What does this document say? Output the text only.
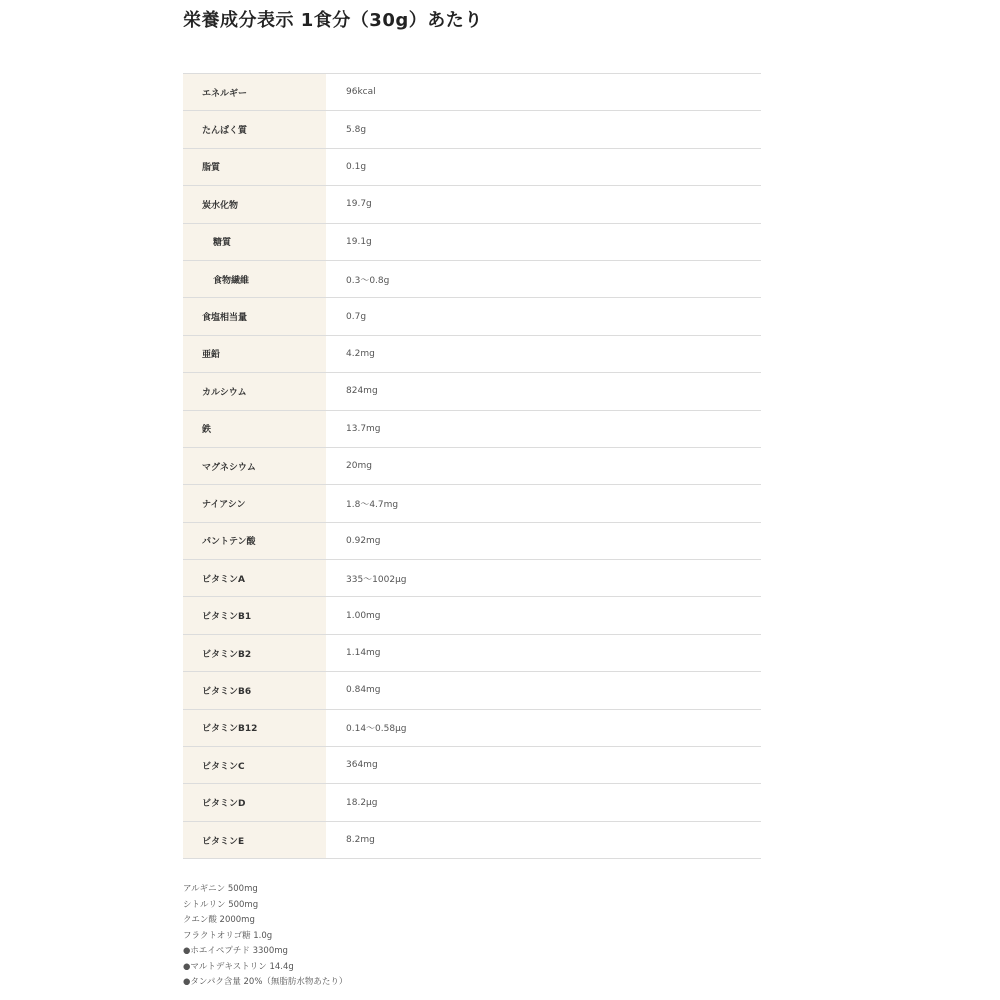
栄養成分表示 1食分（30g）あたり
エネルギー	96kcal
たんぱく質	5.8g
脂質	0.1g
炭水化物	19.7g
糖質	19.1g
食物繊維	0.3～0.8g
食塩相当量	0.7g
亜鉛	4.2mg
カルシウム	824mg
鉄	13.7mg
マグネシウム	20mg
ナイアシン	1.8～4.7mg
パントテン酸	0.92mg
ビタミンA	335～1002μg
ビタミンB1	1.00mg
ビタミンB2	1.14mg
ビタミンB6	0.84mg
ビタミンB12	0.14～0.58μg
ビタミンC	364mg
ビタミンD	18.2μg
ビタミンE	8.2mg
アルギニン 500mg
シトルリン 500mg
クエン酸 2000mg
フラクトオリゴ糖 1.0g
●ホエイペプチド 3300mg
●マルトデキストリン 14.4g
●タンパク含量 20%（無脂肪水物あたり）
